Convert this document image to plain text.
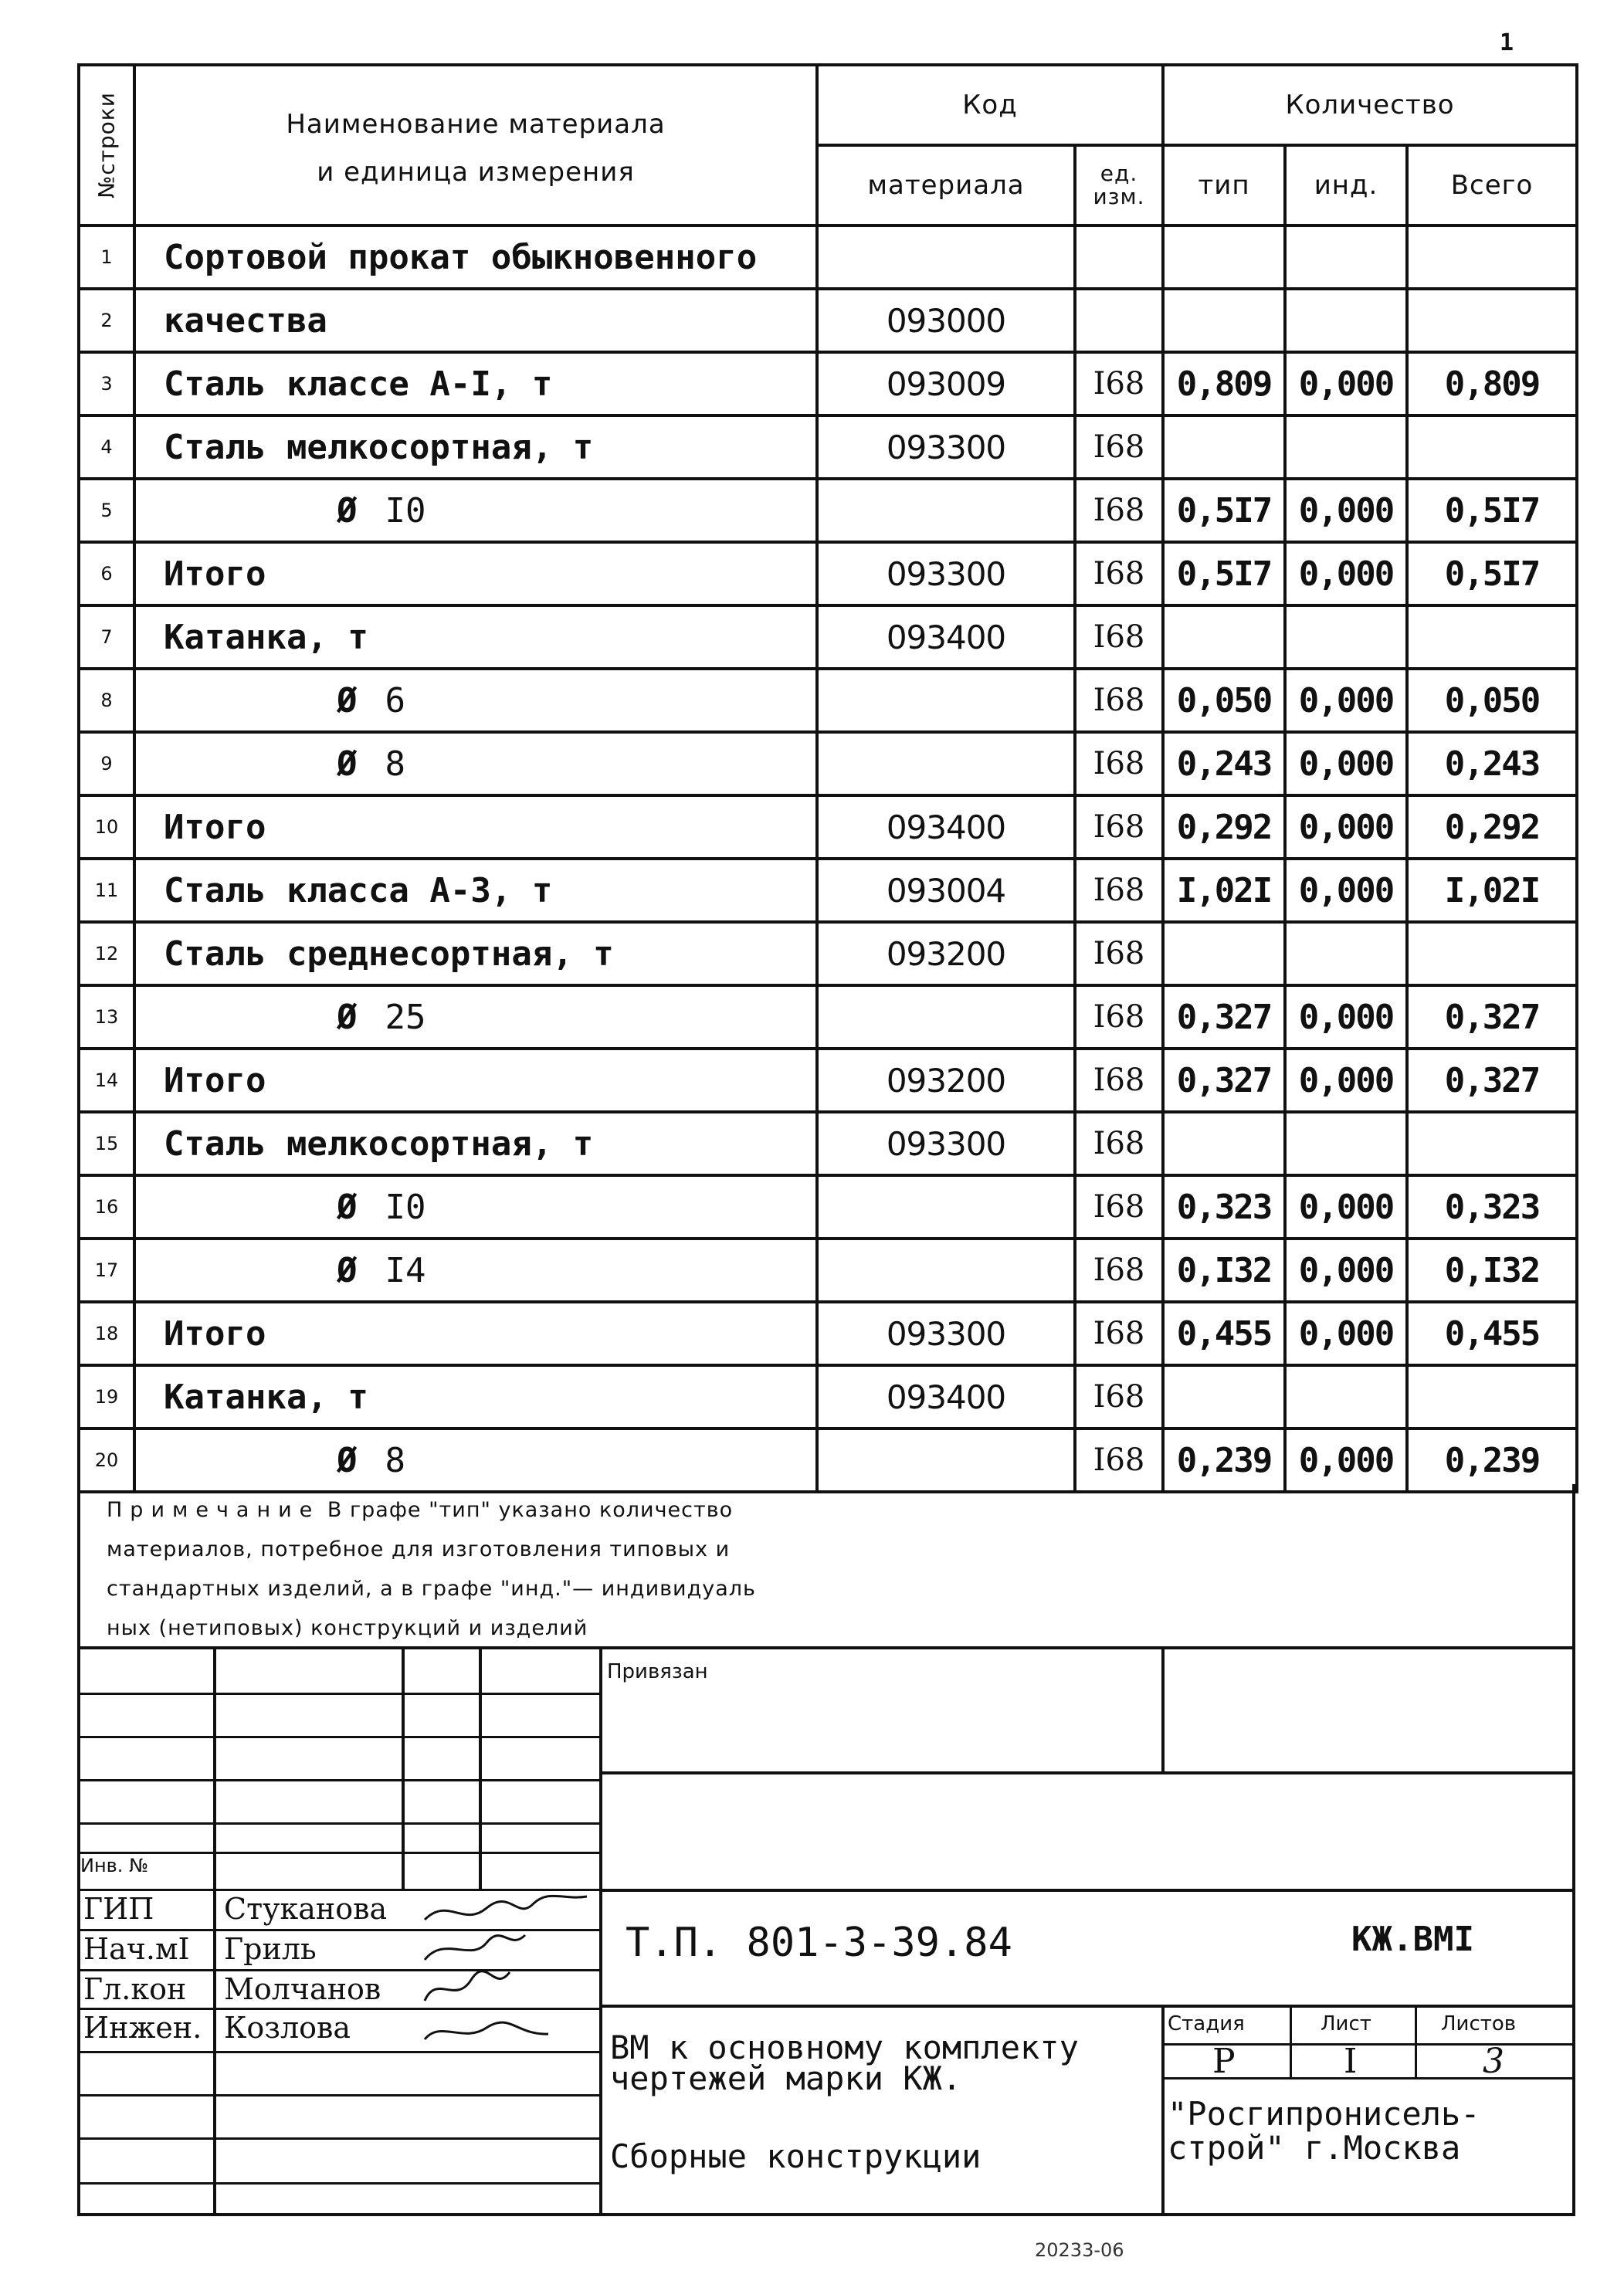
1
№строки	Наименование материала
и единица измерения	Код		Количество		
		материала	ед. изм.	тип	инд.	Всего
1	Сортовой прокат обыкновенного					
2	качества	093000				
3	Сталь классе А-I, т	093009	I68	0,809	0,000	0,809
4	Сталь мелкосортная, т	093300	I68			
5	Ø I0		I68	0,5I7	0,000	0,5I7
6	Итого	093300	I68	0,5I7	0,000	0,5I7
7	Катанка, т	093400	I68			
8	Ø 6		I68	0,050	0,000	0,050
9	Ø 8		I68	0,243	0,000	0,243
10	Итого	093400	I68	0,292	0,000	0,292
11	Сталь класса А-3, т	093004	I68	I,02I	0,000	I,02I
12	Сталь среднесортная, т	093200	I68			
13	Ø 25		I68	0,327	0,000	0,327
14	Итого	093200	I68	0,327	0,000	0,327
15	Сталь мелкосортная, т	093300	I68			
16	Ø I0		I68	0,323	0,000	0,323
17	Ø I4		I68	0,I32	0,000	0,I32
18	Итого	093300	I68	0,455	0,000	0,455
19	Катанка, т	093400	I68			
20	Ø 8		I68	0,239	0,000	0,239
Примечание В графе "тип" указано количество
материалов, потребное для изготовления типовых и
стандартных изделий, а в графе "инд."— индивидуаль
ных (нетиповых) конструкций и изделий
Привязан
Инв. №
ГИП Стуканова
Нач.мI Гриль
Гл.кон Молчанов
Инжен. Козлова
Т.П. 801-3-39.84	КЖ.ВМI
ВМ к основному комплекту
чертежей марки КЖ.
Сборные конструкции
Стадия	Лист	Листов
Р	I	3
"Росгипронисель-
строй" г.Москва
20233-06
